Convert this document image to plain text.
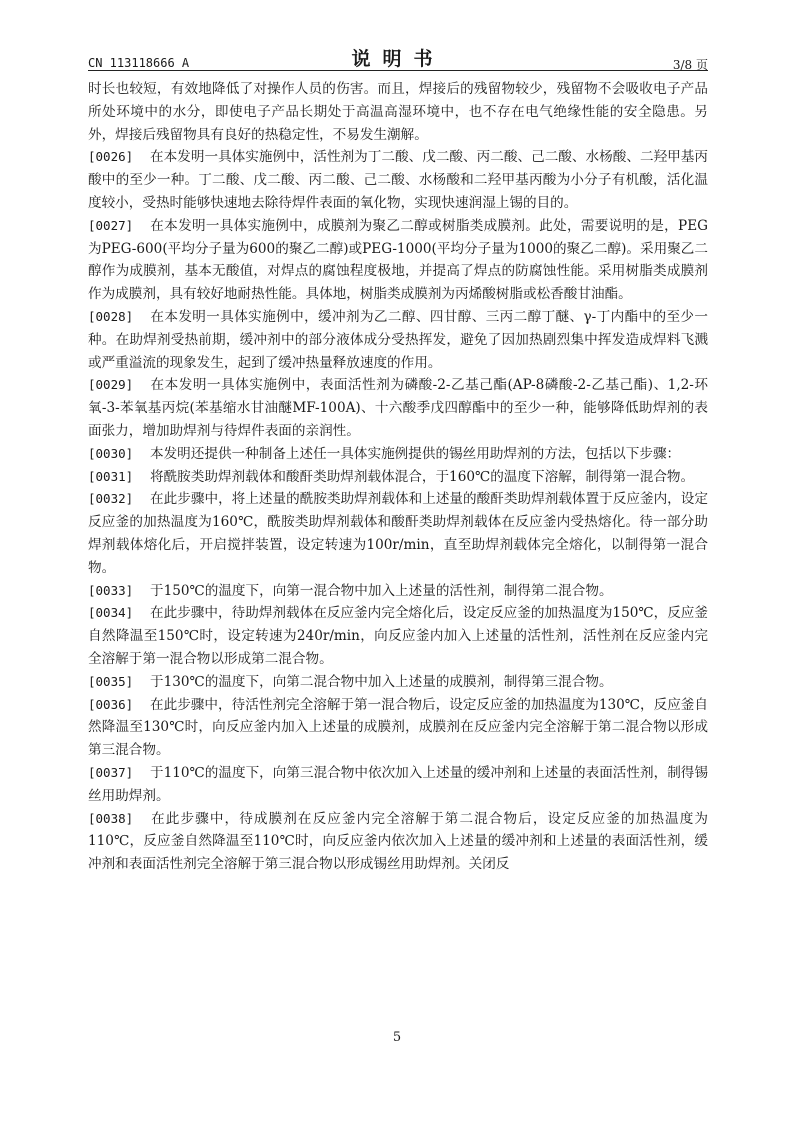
CN 113118666 A	说明书	3/8 页

时长也较短，有效地降低了对操作人员的伤害。而且，焊接后的残留物较少，残留物不会吸收电子产品所处环境中的水分，即使电子产品长期处于高温高湿环境中，也不存在电气绝缘性能的安全隐患。另外，焊接后残留物具有良好的热稳定性，不易发生潮解。

[0026] 在本发明一具体实施例中，活性剂为丁二酸、戊二酸、丙二酸、己二酸、水杨酸、二羟甲基丙酸中的至少一种。丁二酸、戊二酸、丙二酸、己二酸、水杨酸和二羟甲基丙酸为小分子有机酸，活化温度较小，受热时能够快速地去除待焊件表面的氧化物，实现快速润湿上锡的目的。

[0027] 在本发明一具体实施例中，成膜剂为聚乙二醇或树脂类成膜剂。此处，需要说明的是，PEG为PEG-600(平均分子量为600的聚乙二醇)或PEG-1000(平均分子量为1000的聚乙二醇)。采用聚乙二醇作为成膜剂，基本无酸值，对焊点的腐蚀程度极地，并提高了焊点的防腐蚀性能。采用树脂类成膜剂作为成膜剂，具有较好地耐热性能。具体地，树脂类成膜剂为丙烯酸树脂或松香酸甘油酯。

[0028] 在本发明一具体实施例中，缓冲剂为乙二醇、四甘醇、三丙二醇丁醚、γ-丁内酯中的至少一种。在助焊剂受热前期，缓冲剂中的部分液体成分受热挥发，避免了因加热剧烈集中挥发造成焊料飞溅或严重溢流的现象发生，起到了缓冲热量释放速度的作用。

[0029] 在本发明一具体实施例中，表面活性剂为磷酸-2-乙基己酯(AP-8磷酸-2-乙基己酯)、1,2-环氧-3-苯氧基丙烷(苯基缩水甘油醚MF-100A)、十六酸季戊四醇酯中的至少一种，能够降低助焊剂的表面张力，增加助焊剂与待焊件表面的亲润性。

[0030] 本发明还提供一种制备上述任一具体实施例提供的锡丝用助焊剂的方法，包括以下步骤：

[0031] 将酰胺类助焊剂载体和酸酐类助焊剂载体混合，于160℃的温度下溶解，制得第一混合物。

[0032] 在此步骤中，将上述量的酰胺类助焊剂载体和上述量的酸酐类助焊剂载体置于反应釜内，设定反应釜的加热温度为160℃，酰胺类助焊剂载体和酸酐类助焊剂载体在反应釜内受热熔化。待一部分助焊剂载体熔化后，开启搅拌装置，设定转速为100r/min，直至助焊剂载体完全熔化，以制得第一混合物。

[0033] 于150℃的温度下，向第一混合物中加入上述量的活性剂，制得第二混合物。

[0034] 在此步骤中，待助焊剂载体在反应釜内完全熔化后，设定反应釜的加热温度为150℃，反应釜自然降温至150℃时，设定转速为240r/min，向反应釜内加入上述量的活性剂，活性剂在反应釜内完全溶解于第一混合物以形成第二混合物。

[0035] 于130℃的温度下，向第二混合物中加入上述量的成膜剂，制得第三混合物。

[0036] 在此步骤中，待活性剂完全溶解于第一混合物后，设定反应釜的加热温度为130℃，反应釜自然降温至130℃时，向反应釜内加入上述量的成膜剂，成膜剂在反应釜内完全溶解于第二混合物以形成第三混合物。

[0037] 于110℃的温度下，向第三混合物中依次加入上述量的缓冲剂和上述量的表面活性剂，制得锡丝用助焊剂。

[0038] 在此步骤中，待成膜剂在反应釜内完全溶解于第二混合物后，设定反应釜的加热温度为110℃，反应釜自然降温至110℃时，向反应釜内依次加入上述量的缓冲剂和上述量的表面活性剂，缓冲剂和表面活性剂完全溶解于第三混合物以形成锡丝用助焊剂。关闭反

5
